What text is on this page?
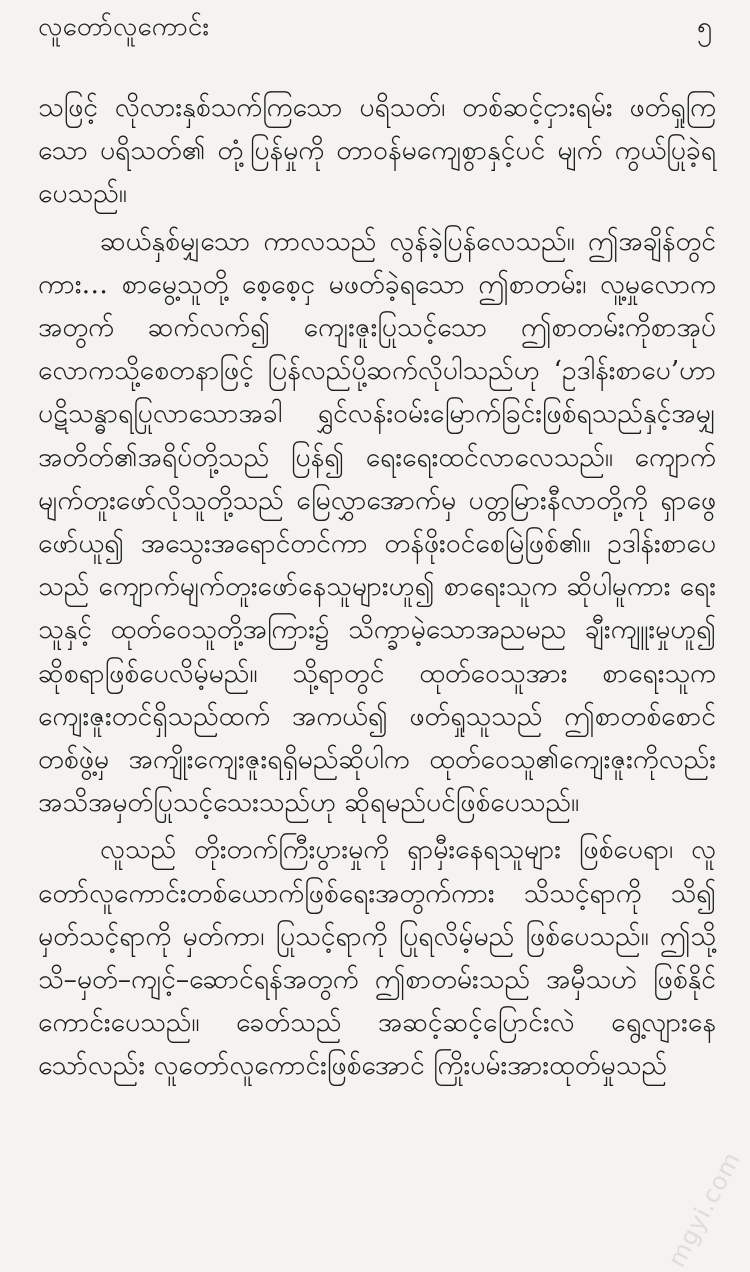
လူတော်လူကောင်း	၅

သဖြင့် လိုလားနှစ်သက်ကြသော ပရိသတ်၊ တစ်ဆင့်ငှားရမ်း ဖတ်ရှုကြသော ပရိသတ်၏ တုံ့ပြန်မှုကို တာဝန်မကျေစွာနှင့်ပင် မျက် ကွယ်ပြုခဲ့ရပေသည်။

ဆယ်နှစ်မျှသော ကာလသည် လွန်ခဲ့ပြန်လေသည်။ ဤအချိန်တွင်ကား… စာမွေ့သူတို့ စေ့စေ့ငှ မဖတ်ခဲ့ရသော ဤစာတမ်း၊ လူ့မှုလောကအတွက် ဆက်လက်၍ ကျေးဇူးပြုသင့်သော ဤစာတမ်းကိုစာအုပ်လောကသို့စေတနာဖြင့် ပြန်လည်ပို့ဆက်လိုပါသည်ဟု ‘ဥဒါန်းစာပေ’ဟာ ပဋိသန္ဓာရပြုလာသောအခါ ရွှင်လန်းဝမ်းမြောက်ခြင်းဖြစ်ရသည်နှင့်အမျှ အတိတ်၏အရိပ်တို့သည် ပြန်၍ ရေးရေးထင်လာလေသည်။ ကျောက်မျက်တူးဖော်လိုသူတို့သည် မြေလွှာအောက်မှ ပတ္တမြားနီလာတို့ကို ရှာဖွေဖော်ယူ၍ အသွေးအရောင်တင်ကာ တန်ဖိုးဝင်စေမြဲဖြစ်၏။ ဥဒါန်းစာပေသည် ကျောက်မျက်တူးဖော်နေသူများဟူ၍ စာရေးသူက ဆိုပါမူကား ရေးသူနှင့် ထုတ်ဝေသူတို့အကြား၌ သိက္ခာမဲ့သောအညမည ချီးကျူးမှုဟူ၍ ဆိုစရာဖြစ်ပေလိမ့်မည်။ သို့ရာတွင် ထုတ်ဝေသူအား စာရေးသူက ကျေးဇူးတင်ရှိသည်ထက် အကယ်၍ ဖတ်ရှုသူသည် ဤစာတစ်စောင်တစ်ဖွဲ့မှ အကျိုးကျေးဇူးရရှိမည်ဆိုပါက ထုတ်ဝေသူ၏ကျေးဇူးကိုလည်း အသိအမှတ်ပြုသင့်သေးသည်ဟု ဆိုရမည်ပင်ဖြစ်ပေသည်။

လူသည် တိုးတက်ကြီးပွားမှုကို ရှာမှီးနေရသူများ ဖြစ်ပေရာ၊ လူတော်လူကောင်းတစ်ယောက်ဖြစ်ရေးအတွက်ကား သိသင့်ရာကို သိ၍ မှတ်သင့်ရာကို မှတ်ကာ၊ ပြုသင့်ရာကို ပြုရလိမ့်မည် ဖြစ်ပေသည်။ ဤသို့ သိ–မှတ်–ကျင့်–ဆောင်ရန်အတွက် ဤစာတမ်းသည် အမှီသဟဲ ဖြစ်နိုင်ကောင်းပေသည်။ ခေတ်သည် အဆင့်ဆင့်ပြောင်းလဲ ရွေ့လျားနေသော်လည်း လူတော်လူကောင်းဖြစ်အောင် ကြိုးပမ်းအားထုတ်မှုသည်

mgyi.com
